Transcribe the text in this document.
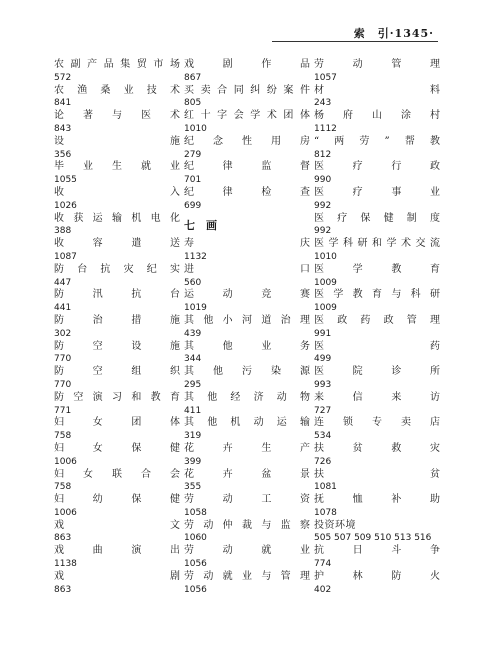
索　引·1345·
农 副 产 品 集 贸 市 场
572
农 渔 桑 业 技 术
841
论 著 与 医 术
843
设	施
356
毕 业 生 就 业
1055
收	入
1026
收 获 运 输 机 电 化
388
收	容	遣	送
1087
防 台 抗 灾 纪 实
447
防	汛	抗	台
441
防	治	措	施
302
防	空	设	施
770
防	空	组	织
770
防 空 演 习 和 教 育
771
妇	女	团	体
758
妇	女	保	健
1006
妇 女 联 合 会
758
妇	幼	保	健
1006
戏	文
863
戏	曲	演	出
1138
戏	剧
863
戏	剧	作	品
867
买 卖 合 同 纠 纷 案 件
805
红 十 字 会 学 术 团 体
1010
纪 念 性 用 房
279
纪	律	监	督
701
纪	律	检	查
699
七　画
寿	庆
1132
进	口
560
运	动	竞	赛
1019
其 他 小 河 道 治 理
439
其	他	业	务
344
其 他 污 染 源
295
其 他 经 济 动 物
411
其 他 机 动 运 输
319
花	卉	生	产
399
花	卉	盆	景
355
劳	动	工	资
1058
劳 动 仲 裁 与 监 察
1060
劳	动	就	业
1056
劳 动 就 业 与 管 理
1056
劳	动	管	理
1057
材	料
243
杨 府 山 涂 村
1112
“ 两 劳 ” 帮 教
812
医	疗	行	政
990
医	疗	事	业
992
医 疗 保 健 制 度
992
医 学 科 研 和 学 术 交 流
1010
医	学	教	育
1009
医 学 教 育 与 科 研
1009
医 政 药 政 管 理
991
医	药
499
医	院	诊	所
993
来	信	来	访
727
连 锁 专 卖 店
534
扶	贫	救	灾
726
扶	贫
1081
抚	恤	补	助
1078
投资环境
505 507 509 510 513 516
抗	日	斗	争
774
护	林	防	火
402
